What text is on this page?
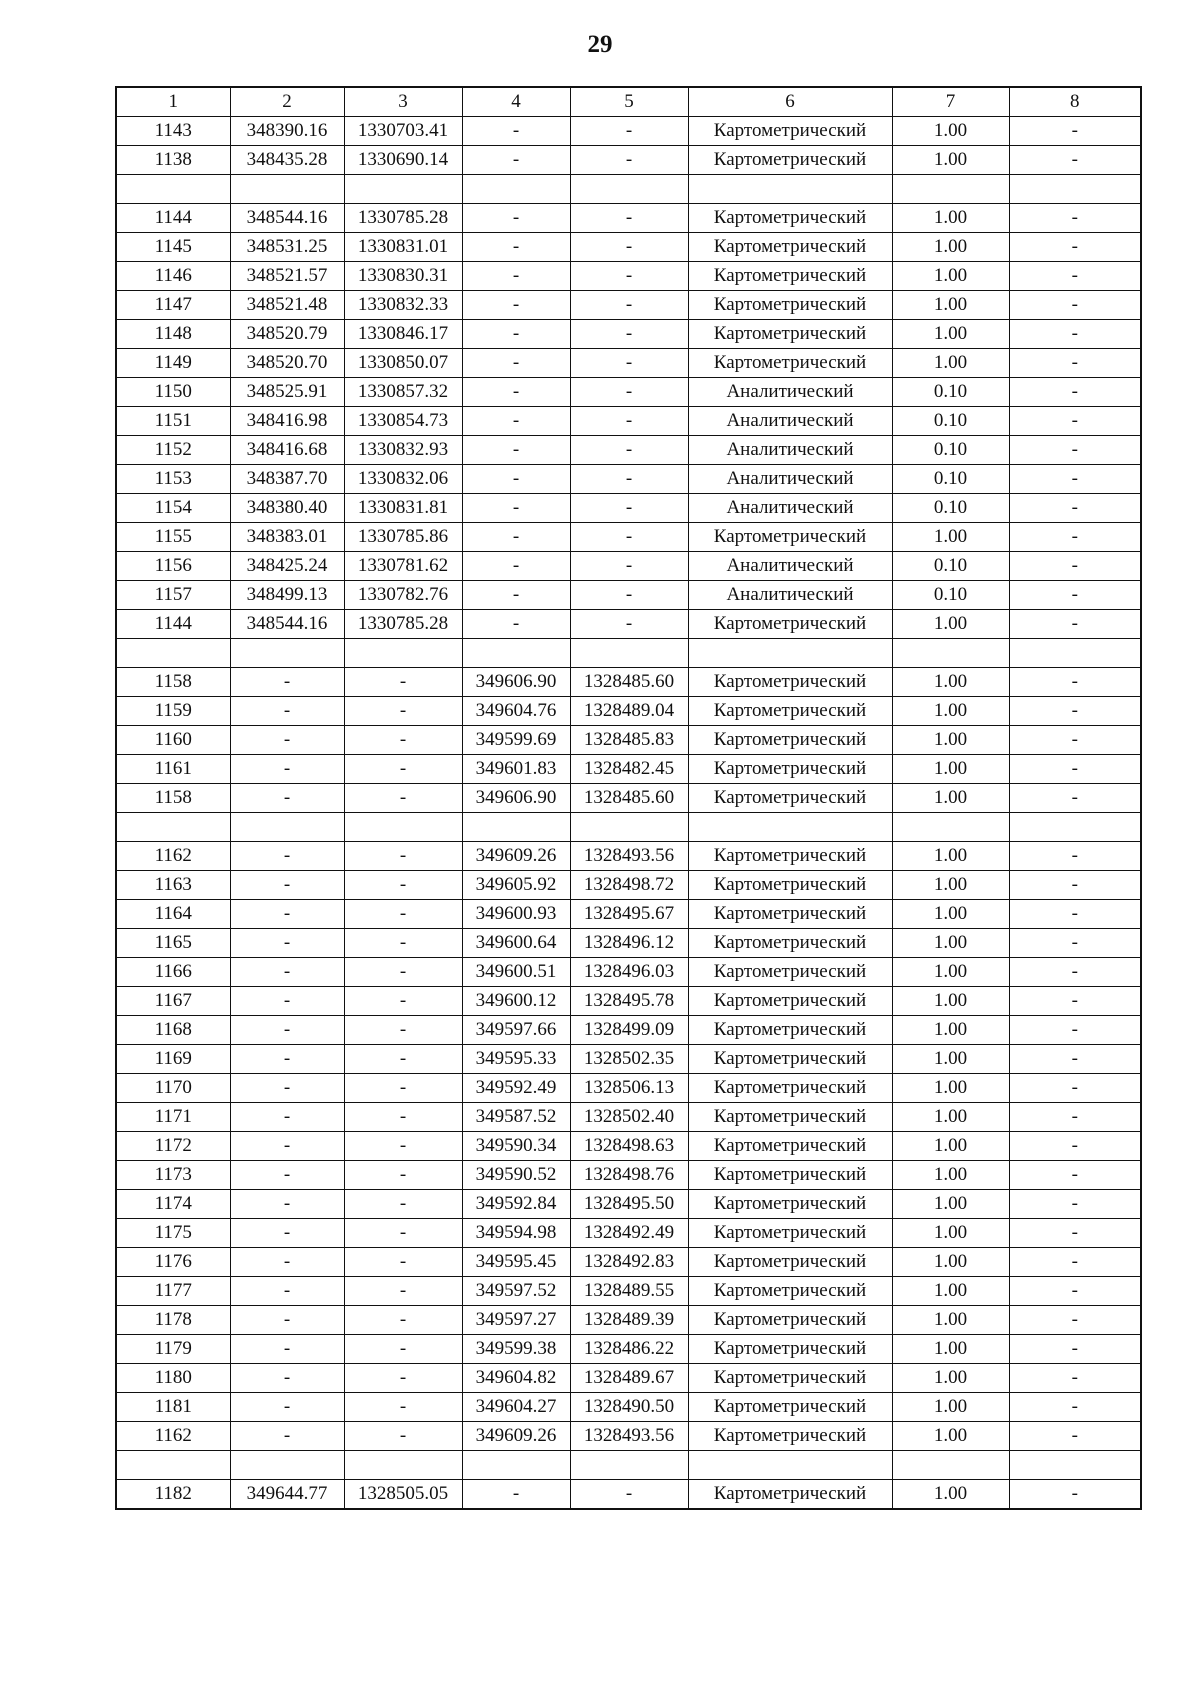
29
1	2	3	4	5	6	7	8
1143	348390.16	1330703.41	-	-	Картометрический	1.00	-
1138	348435.28	1330690.14	-	-	Картометрический	1.00	-

1144	348544.16	1330785.28	-	-	Картометрический	1.00	-
1145	348531.25	1330831.01	-	-	Картометрический	1.00	-
1146	348521.57	1330830.31	-	-	Картометрический	1.00	-
1147	348521.48	1330832.33	-	-	Картометрический	1.00	-
1148	348520.79	1330846.17	-	-	Картометрический	1.00	-
1149	348520.70	1330850.07	-	-	Картометрический	1.00	-
1150	348525.91	1330857.32	-	-	Аналитический	0.10	-
1151	348416.98	1330854.73	-	-	Аналитический	0.10	-
1152	348416.68	1330832.93	-	-	Аналитический	0.10	-
1153	348387.70	1330832.06	-	-	Аналитический	0.10	-
1154	348380.40	1330831.81	-	-	Аналитический	0.10	-
1155	348383.01	1330785.86	-	-	Картометрический	1.00	-
1156	348425.24	1330781.62	-	-	Аналитический	0.10	-
1157	348499.13	1330782.76	-	-	Аналитический	0.10	-
1144	348544.16	1330785.28	-	-	Картометрический	1.00	-

1158	-	-	349606.90	1328485.60	Картометрический	1.00	-
1159	-	-	349604.76	1328489.04	Картометрический	1.00	-
1160	-	-	349599.69	1328485.83	Картометрический	1.00	-
1161	-	-	349601.83	1328482.45	Картометрический	1.00	-
1158	-	-	349606.90	1328485.60	Картометрический	1.00	-

1162	-	-	349609.26	1328493.56	Картометрический	1.00	-
1163	-	-	349605.92	1328498.72	Картометрический	1.00	-
1164	-	-	349600.93	1328495.67	Картометрический	1.00	-
1165	-	-	349600.64	1328496.12	Картометрический	1.00	-
1166	-	-	349600.51	1328496.03	Картометрический	1.00	-
1167	-	-	349600.12	1328495.78	Картометрический	1.00	-
1168	-	-	349597.66	1328499.09	Картометрический	1.00	-
1169	-	-	349595.33	1328502.35	Картометрический	1.00	-
1170	-	-	349592.49	1328506.13	Картометрический	1.00	-
1171	-	-	349587.52	1328502.40	Картометрический	1.00	-
1172	-	-	349590.34	1328498.63	Картометрический	1.00	-
1173	-	-	349590.52	1328498.76	Картометрический	1.00	-
1174	-	-	349592.84	1328495.50	Картометрический	1.00	-
1175	-	-	349594.98	1328492.49	Картометрический	1.00	-
1176	-	-	349595.45	1328492.83	Картометрический	1.00	-
1177	-	-	349597.52	1328489.55	Картометрический	1.00	-
1178	-	-	349597.27	1328489.39	Картометрический	1.00	-
1179	-	-	349599.38	1328486.22	Картометрический	1.00	-
1180	-	-	349604.82	1328489.67	Картометрический	1.00	-
1181	-	-	349604.27	1328490.50	Картометрический	1.00	-
1162	-	-	349609.26	1328493.56	Картометрический	1.00	-

1182	349644.77	1328505.05	-	-	Картометрический	1.00	-
